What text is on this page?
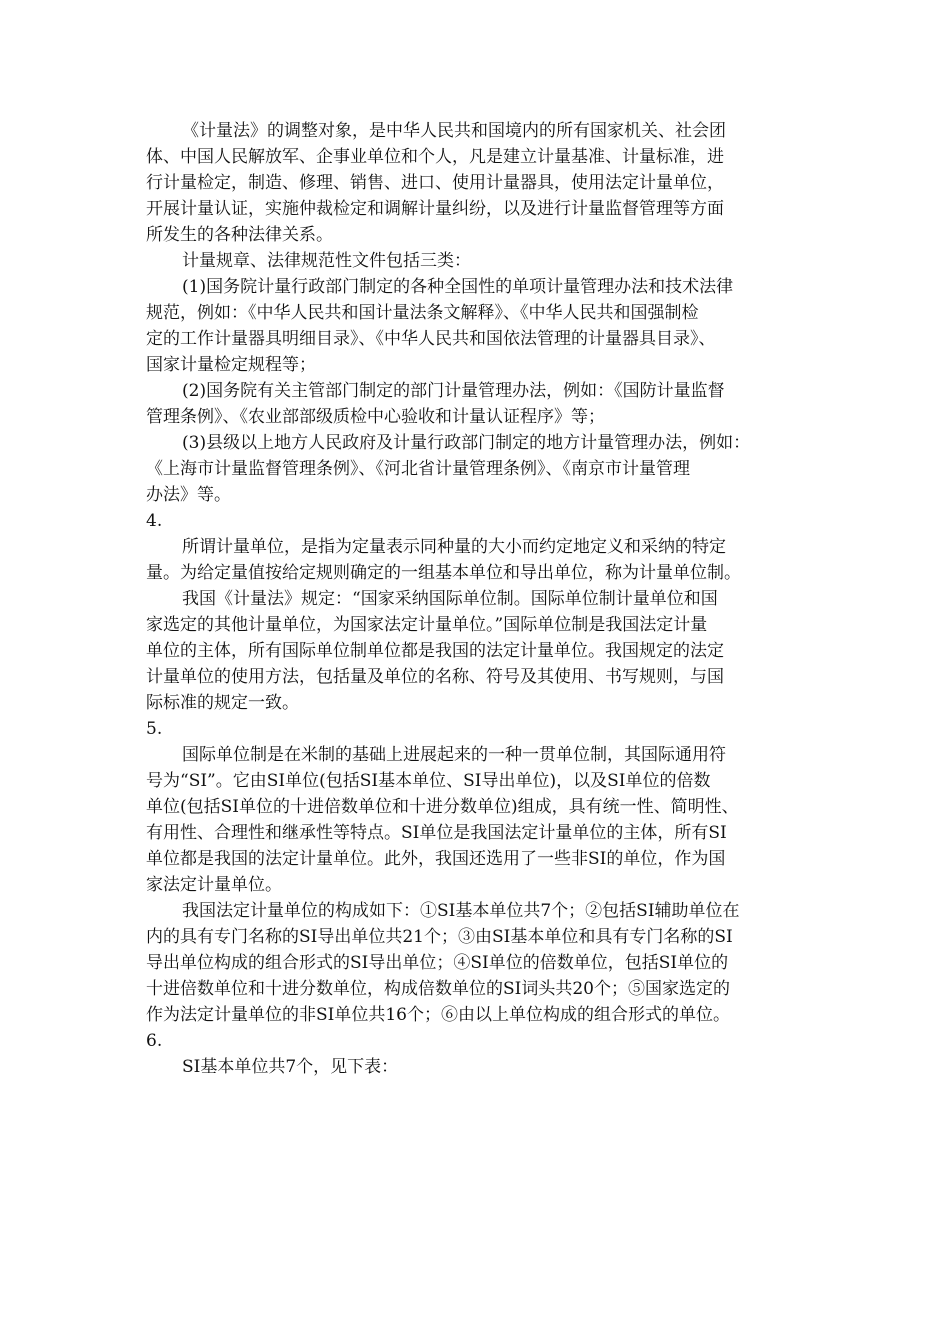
《计量法》的调整对象，是中华人民共和国境内的所有国家机关、社会团
体、中国人民解放军、企事业单位和个人，凡是建立计量基准、计量标准，进
行计量检定，制造、修理、销售、进口、使用计量器具，使用法定计量单位，
开展计量认证，实施仲裁检定和调解计量纠纷，以及进行计量监督管理等方面
所发生的各种法律关系。
计量规章、法律规范性文件包括三类：
(1)国务院计量行政部门制定的各种全国性的单项计量管理办法和技术法律
规范，例如：《中华人民共和国计量法条文解释》、《中华人民共和国强制检
定的工作计量器具明细目录》、《中华人民共和国依法管理的计量器具目录》、
国家计量检定规程等；
(2)国务院有关主管部门制定的部门计量管理办法，例如：《国防计量监督
管理条例》、《农业部部级质检中心验收和计量认证程序》等；
(3)县级以上地方人民政府及计量行政部门制定的地方计量管理办法，例如：
《上海市计量监督管理条例》、《河北省计量管理条例》、《南京市计量管理
办法》等。
4.
所谓计量单位，是指为定量表示同种量的大小而约定地定义和采纳的特定
量。为给定量值按给定规则确定的一组基本单位和导出单位，称为计量单位制。
我国《计量法》规定：“国家采纳国际单位制。国际单位制计量单位和国
家选定的其他计量单位，为国家法定计量单位。”国际单位制是我国法定计量
单位的主体，所有国际单位制单位都是我国的法定计量单位。我国规定的法定
计量单位的使用方法，包括量及单位的名称、符号及其使用、书写规则，与国
际标准的规定一致。
5.
国际单位制是在米制的基础上进展起来的一种一贯单位制，其国际通用符
号为“SI”。它由SI单位(包括SI基本单位、SI导出单位)，以及SI单位的倍数
单位(包括SI单位的十进倍数单位和十进分数单位)组成，具有统一性、简明性、
有用性、合理性和继承性等特点。SI单位是我国法定计量单位的主体，所有SI
单位都是我国的法定计量单位。此外，我国还选用了一些非SI的单位，作为国
家法定计量单位。
我国法定计量单位的构成如下：①SI基本单位共7个；②包括SI辅助单位在
内的具有专门名称的SI导出单位共21个；③由SI基本单位和具有专门名称的SI
导出单位构成的组合形式的SI导出单位；④SI单位的倍数单位，包括SI单位的
十进倍数单位和十进分数单位，构成倍数单位的SI词头共20个；⑤国家选定的
作为法定计量单位的非SI单位共16个；⑥由以上单位构成的组合形式的单位。
6.
SI基本单位共7个，见下表：
